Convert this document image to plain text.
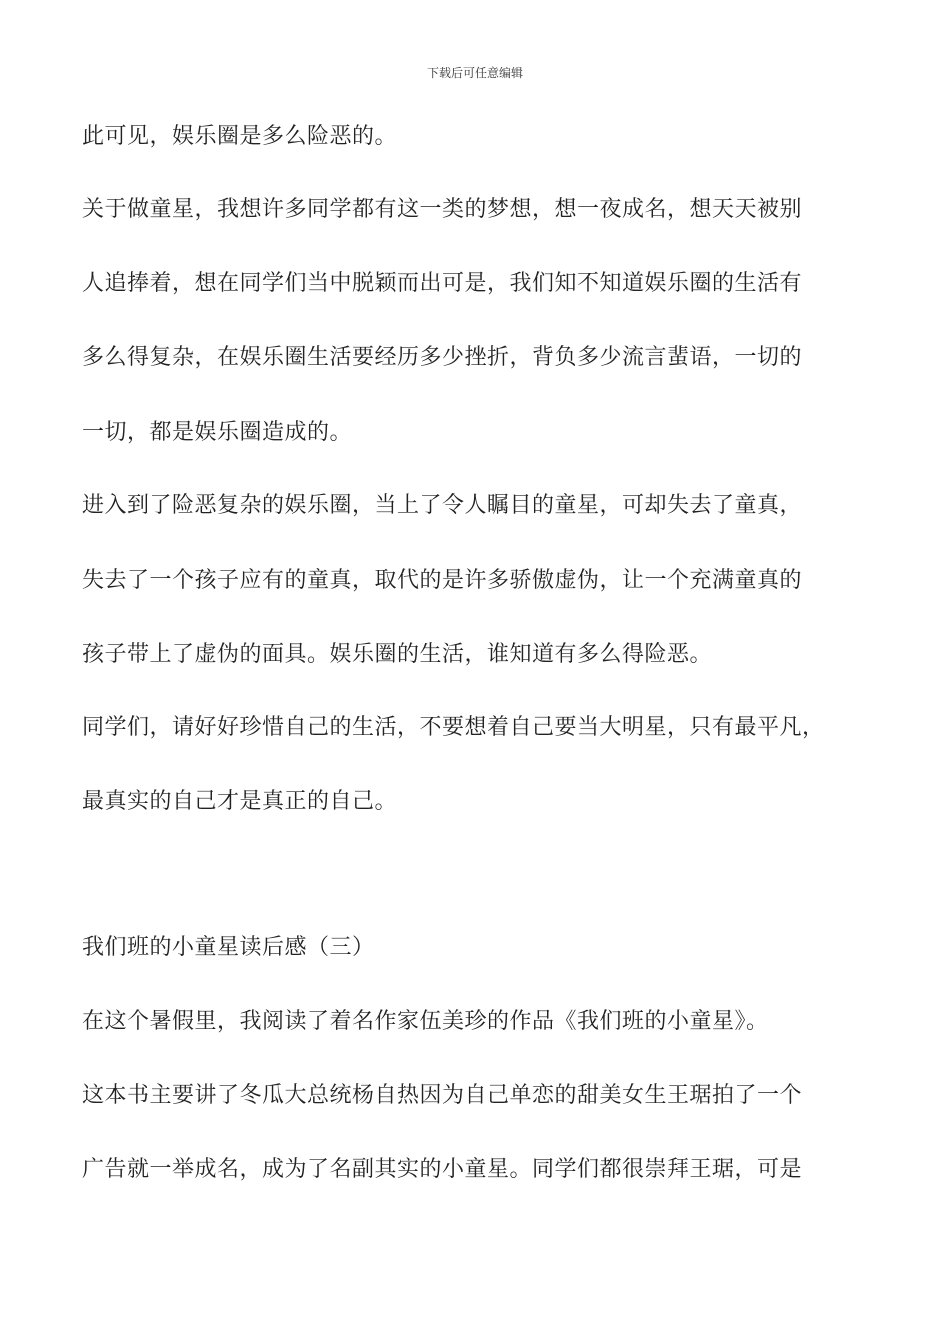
下载后可任意编辑
此可见，娱乐圈是多么险恶的。
关于做童星，我想许多同学都有这一类的梦想，想一夜成名，想天天被别
人追捧着，想在同学们当中脱颖而出可是，我们知不知道娱乐圈的生活有
多么得复杂，在娱乐圈生活要经历多少挫折，背负多少流言蜚语，一切的
一切，都是娱乐圈造成的。
进入到了险恶复杂的娱乐圈，当上了令人瞩目的童星，可却失去了童真，
失去了一个孩子应有的童真，取代的是许多骄傲虚伪，让一个充满童真的
孩子带上了虚伪的面具。娱乐圈的生活，谁知道有多么得险恶。
同学们，请好好珍惜自己的生活，不要想着自己要当大明星，只有最平凡，
最真实的自己才是真正的自己。
我们班的小童星读后感（三）
在这个暑假里，我阅读了着名作家伍美珍的作品《我们班的小童星》。
这本书主要讲了冬瓜大总统杨自热因为自己单恋的甜美女生王琚拍了一个
广告就一举成名，成为了名副其实的小童星。同学们都很崇拜王琚，可是
